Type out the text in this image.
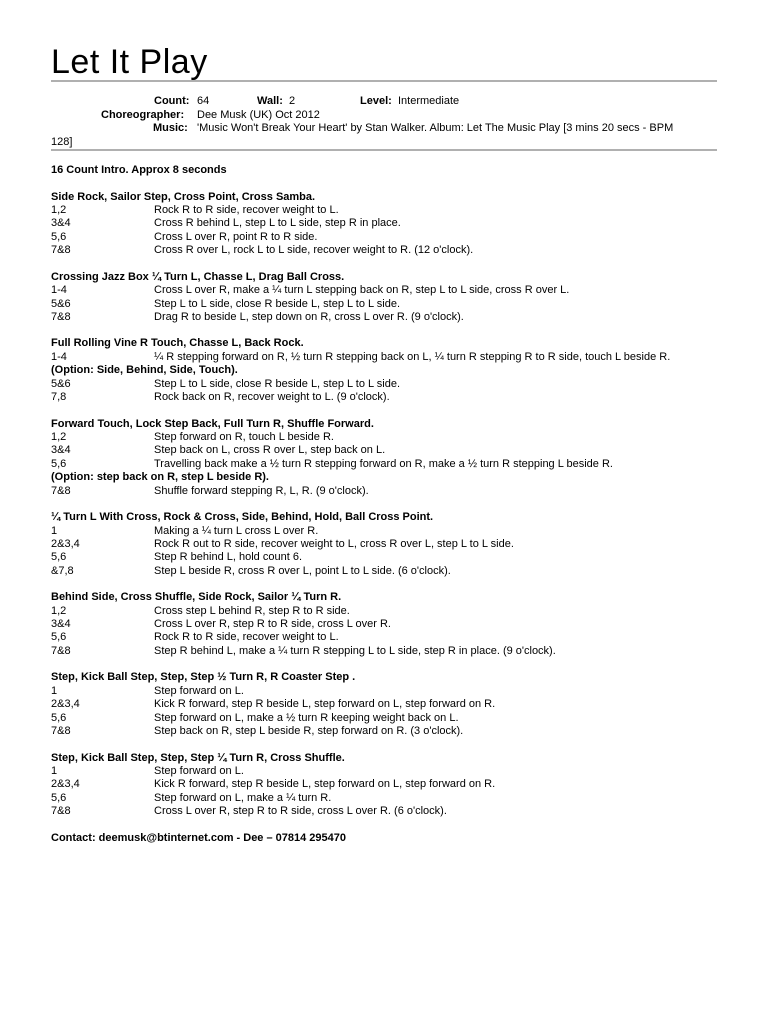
Let It Play
Count: 64	Wall: 2	Level: Intermediate
Choreographer: Dee Musk (UK) Oct 2012
Music: 'Music Won't Break Your Heart' by Stan Walker. Album: Let The Music Play [3 mins 20 secs - BPM
128]
16 Count Intro. Approx 8 seconds
Side Rock, Sailor Step, Cross Point, Cross Samba.
1,2	Rock R to R side, recover weight to L.
3&4	Cross R behind L, step L to L side, step R in place.
5,6	Cross L over R, point R to R side.
7&8	Cross R over L, rock L to L side, recover weight to R. (12 o'clock).
Crossing Jazz Box ¼ Turn L, Chasse L, Drag Ball Cross.
1-4	Cross L over R, make a ¼ turn L stepping back on R, step L to L side, cross R over L.
5&6	Step L to L side, close R beside L, step L to L side.
7&8	Drag R to beside L, step down on R, cross L over R. (9 o'clock).
Full Rolling Vine R Touch, Chasse L, Back Rock.
1-4	¼ R stepping forward on R, ½ turn R stepping back on L, ¼ turn R stepping R to R side, touch L beside R.
(Option: Side, Behind, Side, Touch).
5&6	Step L to L side, close R beside L, step L to L side.
7,8	Rock back on R, recover weight to L. (9 o'clock).
Forward Touch, Lock Step Back, Full Turn R, Shuffle Forward.
1,2	Step forward on R, touch L beside R.
3&4	Step back on L, cross R over L, step back on L.
5,6	Travelling back make a ½ turn R stepping forward on R, make a ½ turn R stepping L beside R.
(Option: step back on R, step L beside R).
7&8	Shuffle forward stepping R, L, R. (9 o'clock).
¼ Turn L With Cross, Rock & Cross, Side, Behind, Hold, Ball Cross Point.
1	Making a ¼ turn L cross L over R.
2&3,4	Rock R out to R side, recover weight to L, cross R over L, step L to L side.
5,6	Step R behind L, hold count 6.
&7,8	Step L beside R, cross R over L, point L to L side. (6 o'clock).
Behind Side, Cross Shuffle, Side Rock, Sailor ¼ Turn R.
1,2	Cross step L behind R, step R to R side.
3&4	Cross L over R, step R to R side, cross L over R.
5,6	Rock R to R side, recover weight to L.
7&8	Step R behind L, make a ¼ turn R stepping L to L side, step R in place. (9 o'clock).
Step, Kick Ball Step, Step, Step ½ Turn R, R Coaster Step .
1	Step forward on L.
2&3,4	Kick R forward, step R beside L, step forward on L, step forward on R.
5,6	Step forward on L, make a ½ turn R keeping weight back on L.
7&8	Step back on R, step L beside R, step forward on R. (3 o'clock).
Step, Kick Ball Step, Step, Step ¼ Turn R, Cross Shuffle.
1	Step forward on L.
2&3,4	Kick R forward, step R beside L, step forward on L, step forward on R.
5,6	Step forward on L, make a ¼ turn R.
7&8	Cross L over R, step R to R side, cross L over R. (6 o'clock).
Contact: deemusk@btinternet.com - Dee – 07814 295470
